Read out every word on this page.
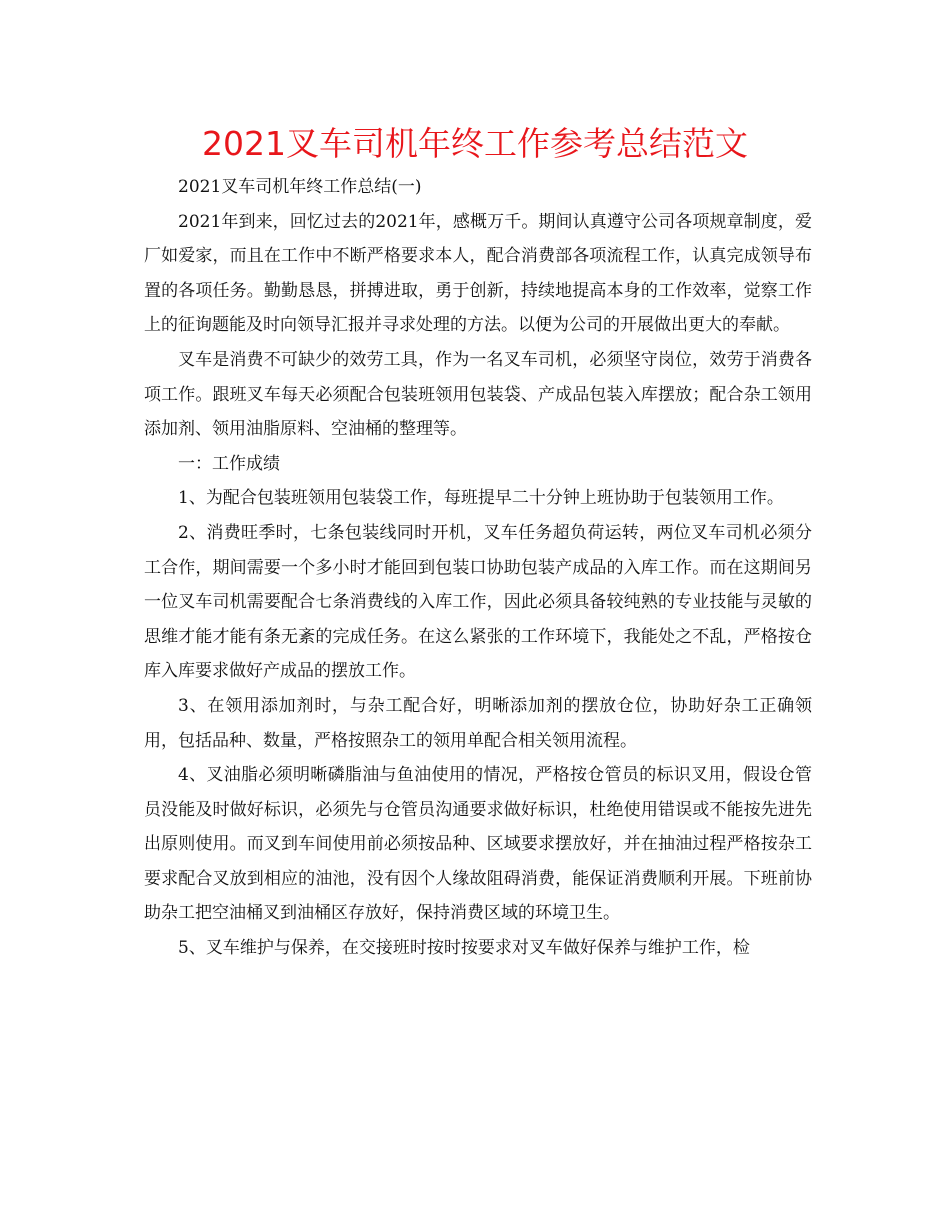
2021叉车司机年终工作参考总结范文

2021叉车司机年终工作总结(一)

2021年到来，回忆过去的2021年，感概万千。期间认真遵守公司各项规章制度，爱厂如爱家，而且在工作中不断严格要求本人，配合消费部各项流程工作，认真完成领导布置的各项任务。勤勤恳恳，拼搏进取，勇于创新，持续地提高本身的工作效率，觉察工作上的征询题能及时向领导汇报并寻求处理的方法。以便为公司的开展做出更大的奉献。

叉车是消费不可缺少的效劳工具，作为一名叉车司机，必须坚守岗位，效劳于消费各项工作。跟班叉车每天必须配合包装班领用包装袋、产成品包装入库摆放；配合杂工领用添加剂、领用油脂原料、空油桶的整理等。

一：工作成绩

1、为配合包装班领用包装袋工作，每班提早二十分钟上班协助于包装领用工作。

2、消费旺季时，七条包装线同时开机，叉车任务超负荷运转，两位叉车司机必须分工合作，期间需要一个多小时才能回到包装口协助包装产成品的入库工作。而在这期间另一位叉车司机需要配合七条消费线的入库工作，因此必须具备较纯熟的专业技能与灵敏的思维才能才能有条无紊的完成任务。在这么紧张的工作环境下，我能处之不乱，严格按仓库入库要求做好产成品的摆放工作。

3、在领用添加剂时，与杂工配合好，明晰添加剂的摆放仓位，协助好杂工正确领用，包括品种、数量，严格按照杂工的领用单配合相关领用流程。

4、叉油脂必须明晰磷脂油与鱼油使用的情况，严格按仓管员的标识叉用，假设仓管员没能及时做好标识，必须先与仓管员沟通要求做好标识，杜绝使用错误或不能按先进先出原则使用。而叉到车间使用前必须按品种、区域要求摆放好，并在抽油过程严格按杂工要求配合叉放到相应的油池，没有因个人缘故阻碍消费，能保证消费顺利开展。下班前协助杂工把空油桶叉到油桶区存放好，保持消费区域的环境卫生。

5、叉车维护与保养，在交接班时按时按要求对叉车做好保养与维护工作，检
